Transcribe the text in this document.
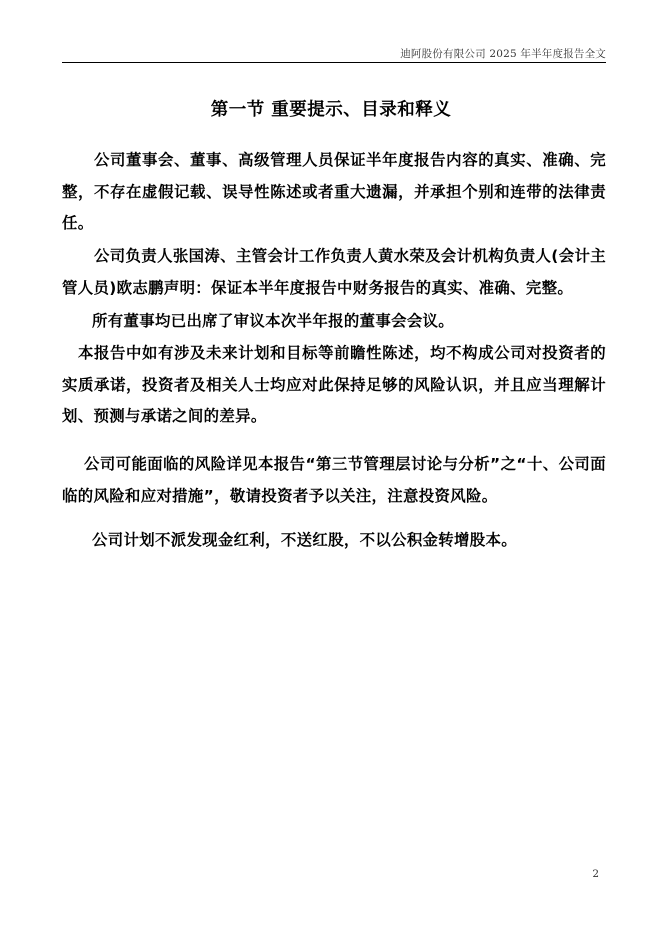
迪阿股份有限公司 2025 年半年度报告全文
第一节 重要提示、目录和释义

公司董事会、董事、高级管理人员保证半年度报告内容的真实、准确、完整，不存在虚假记载、误导性陈述或者重大遗漏，并承担个别和连带的法律责任。

公司负责人张国涛、主管会计工作负责人黄水荣及会计机构负责人(会计主管人员)欧志鹏声明：保证本半年度报告中财务报告的真实、准确、完整。

所有董事均已出席了审议本次半年报的董事会会议。

本报告中如有涉及未来计划和目标等前瞻性陈述，均不构成公司对投资者的实质承诺，投资者及相关人士均应对此保持足够的风险认识，并且应当理解计划、预测与承诺之间的差异。

公司可能面临的风险详见本报告“第三节管理层讨论与分析”之“十、公司面临的风险和应对措施”，敬请投资者予以关注，注意投资风险。

公司计划不派发现金红利，不送红股，不以公积金转增股本。

2
